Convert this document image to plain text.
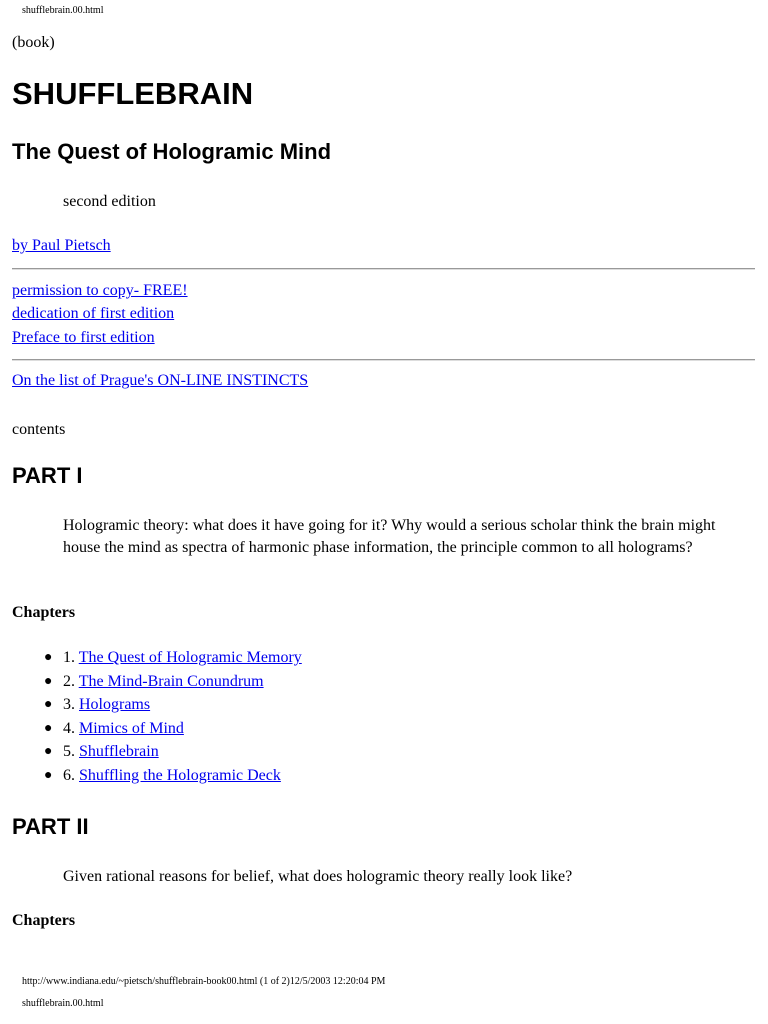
shufflebrain.00.html
(book)
SHUFFLEBRAIN
The Quest of Hologramic Mind
second edition
by Paul Pietsch
permission to copy- FREE!
dedication of first edition
Preface to first edition
On the list of Prague's ON-LINE INSTINCTS
contents
PART I
Hologramic theory: what does it have going for it? Why would a serious scholar think the brain might house the mind as spectra of harmonic phase information, the principle common to all holograms?
Chapters
● 1. The Quest of Hologramic Memory
● 2. The Mind-Brain Conundrum
● 3. Holograms
● 4. Mimics of Mind
● 5. Shufflebrain
● 6. Shuffling the Hologramic Deck
PART II
Given rational reasons for belief, what does hologramic theory really look like?
Chapters
http://www.indiana.edu/~pietsch/shufflebrain-book00.html (1 of 2)12/5/2003 12:20:04 PM
shufflebrain.00.html
